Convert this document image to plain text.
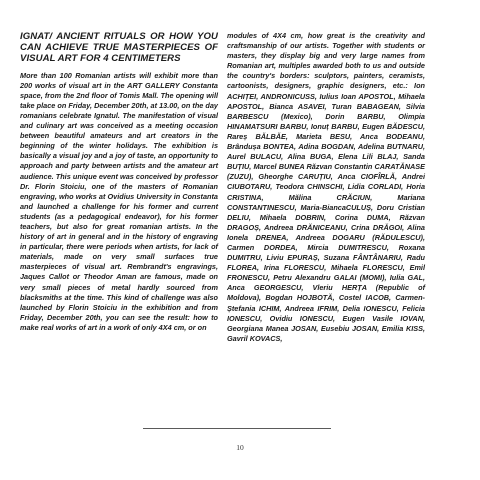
IGNAT/ ANCIENT RITUALS OR HOW YOU CAN ACHIEVE TRUE MASTERPIECES OF VISUAL ART FOR 4 CENTIMETERS

More than 100 Romanian artists will exhibit more than 200 works of visual art in the ART GALLERY Constanta space, from the 2nd floor of Tomis Mall. The opening will take place on Friday, December 20th, at 13.00, on the day romanians celebrate Ignatul. The manifestation of visual and culinary art was conceived as a meeting occasion between beautiful amateurs and art creators in the beginning of the winter holidays. The exhibition is basically a visual joy and a joy of taste, an opportunity to approach and party between artists and the amateur art audience. This unique event was conceived by professor Dr. Florin Stoiciu, one of the masters of Romanian engraving, who works at Ovidius University in Constanta and launched a challenge for his former and current students (as a pedagogical endeavor), for his former teachers, but also for great romanian artists. In the history of art in general and in the history of engraving in particular, there were periods when artists, for lack of materials, made on very small surfaces true masterpieces of visual art. Rembrandt's engravings, Jaques Callot or Theodor Aman are famous, made on very small pieces of metal hardly sourced from blacksmiths at the time. This kind of challenge was also launched by Florin Stoiciu in the exhibition and from Friday, December 20th, you can see the result: how to make real works of art in a work of only 4X4 cm, or on

modules of 4X4 cm, how great is the creativity and craftsmanship of our artists. Together with students or masters, they display big and very large names from Romanian art, multiples awarded both to us and outside the country's borders: sculptors, painters, ceramists, cartoonists, designers, graphic designers, etc.: Ion ACHIȚEI, ANDRONICUSS, Iulius Ioan APOSTOL, Mihaela APOSTOL, Bianca ASAVEI, Turan BABAGEAN, Silvia BARBESCU (Mexico), Dorin BARBU, Olimpia HINAMATSURI BARBU, Ionuț BARBU, Eugen BĂDESCU, Rareș BĂLBĂE, Marieta BESU, Anca BODEANU, Brândușa BONTEA, Adina BOGDAN, Adelina BUTNARU, Aurel BULACU, Alina BUGA, Elena Lili BLAJ, Sanda BUȚIU, Marcel BUNEA Răzvan Constantin CARATĂNASE (ZUZU), Gheorghe CARUȚIU, Anca CIOFÎRLĂ, Andrei CIUBOTARU, Teodora CHINSCHI, Lidia CORLADI, Horia CRISTINA, Mălina CRĂCIUN, Mariana CONSTANTINESCU, Maria-BiancaCULUȘ, Doru Cristian DELIU, Mihaela DOBRIN, Corina DUMA, Răzvan DRAGOȘ, Andreea DRĂNICEANU, Crina DRĂGOI, Alina Ionela DRENEA, Andreea DOGARU (RĂDULESCU), Carmen DORDEA, Mircia DUMITRESCU, Roxana DUMITRU, Liviu EPURAȘ, Suzana FÂNTÂNARIU, Radu FLOREA, Irina FLORESCU, Mihaela FLORESCU, Emil FRONESCU, Petru Alexandru GALAI (MOMI), Iulia GAL, Anca GEORGESCU, Vleriu HERȚA (Republic of Moldova), Bogdan HOJBOTĂ, Costel IACOB, Carmen-Ștefania ICHIM, Andreea IFRIM, Delia IONESCU, Felicia IONESCU, Ovidiu IONESCU, Eugen Vasile IOVAN, Georgiana Manea JOSAN, Eusebiu JOSAN, Emilia KISS, Gavril KOVACS,

10
